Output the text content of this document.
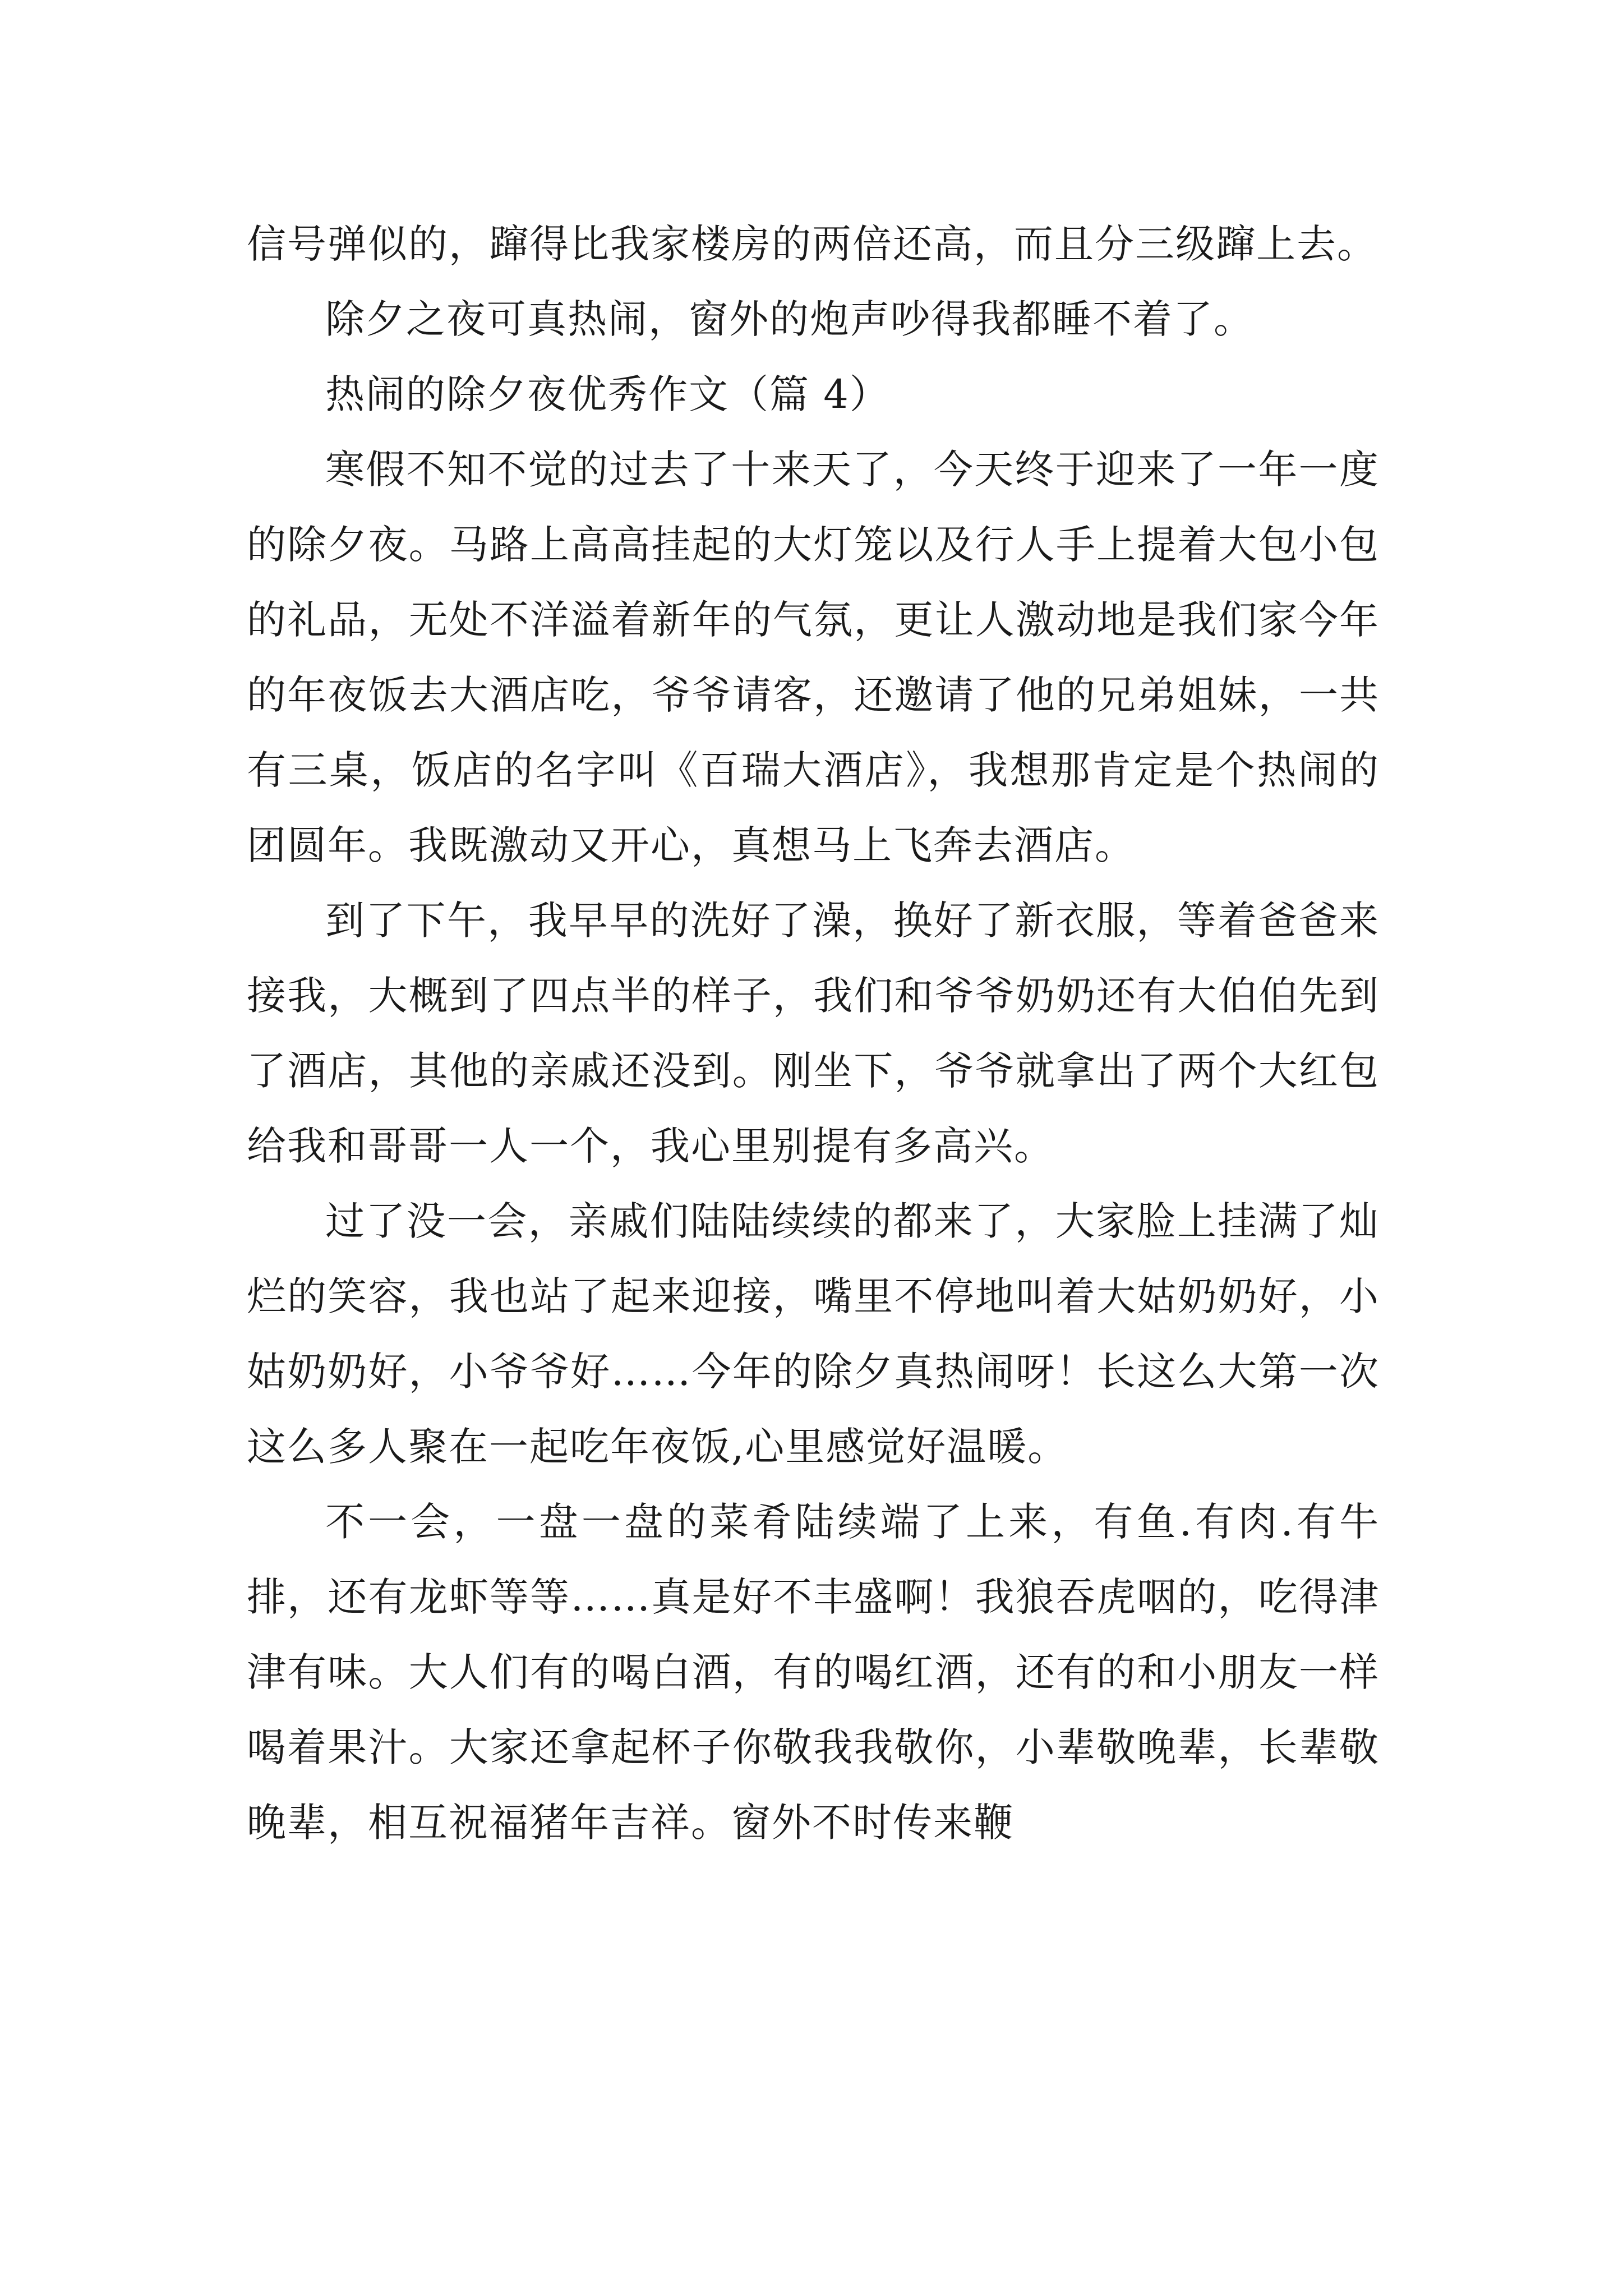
信号弹似的，蹿得比我家楼房的两倍还高，而且分三级蹿上去。

除夕之夜可真热闹，窗外的炮声吵得我都睡不着了。

热闹的除夕夜优秀作文（篇 4）

寒假不知不觉的过去了十来天了，今天终于迎来了一年一度的除夕夜。马路上高高挂起的大灯笼以及行人手上提着大包小包的礼品，无处不洋溢着新年的气氛，更让人激动地是我们家今年的年夜饭去大酒店吃，爷爷请客，还邀请了他的兄弟姐妹，一共有三桌，饭店的名字叫《百瑞大酒店》，我想那肯定是个热闹的团圆年。我既激动又开心，真想马上飞奔去酒店。

到了下午，我早早的洗好了澡，换好了新衣服，等着爸爸来接我，大概到了四点半的样子，我们和爷爷奶奶还有大伯伯先到了酒店，其他的亲戚还没到。刚坐下，爷爷就拿出了两个大红包给我和哥哥一人一个，我心里别提有多高兴。

过了没一会，亲戚们陆陆续续的都来了，大家脸上挂满了灿烂的笑容，我也站了起来迎接，嘴里不停地叫着大姑奶奶好，小姑奶奶好，小爷爷好……今年的除夕真热闹呀！长这么大第一次这么多人聚在一起吃年夜饭,心里感觉好温暖。

不一会，一盘一盘的菜肴陆续端了上来，有鱼.有肉.有牛排，还有龙虾等等……真是好不丰盛啊！我狼吞虎咽的，吃得津津有味。大人们有的喝白酒，有的喝红酒，还有的和小朋友一样喝着果汁。大家还拿起杯子你敬我我敬你，小辈敬晚辈，长辈敬晚辈，相互祝福猪年吉祥。窗外不时传来鞭
